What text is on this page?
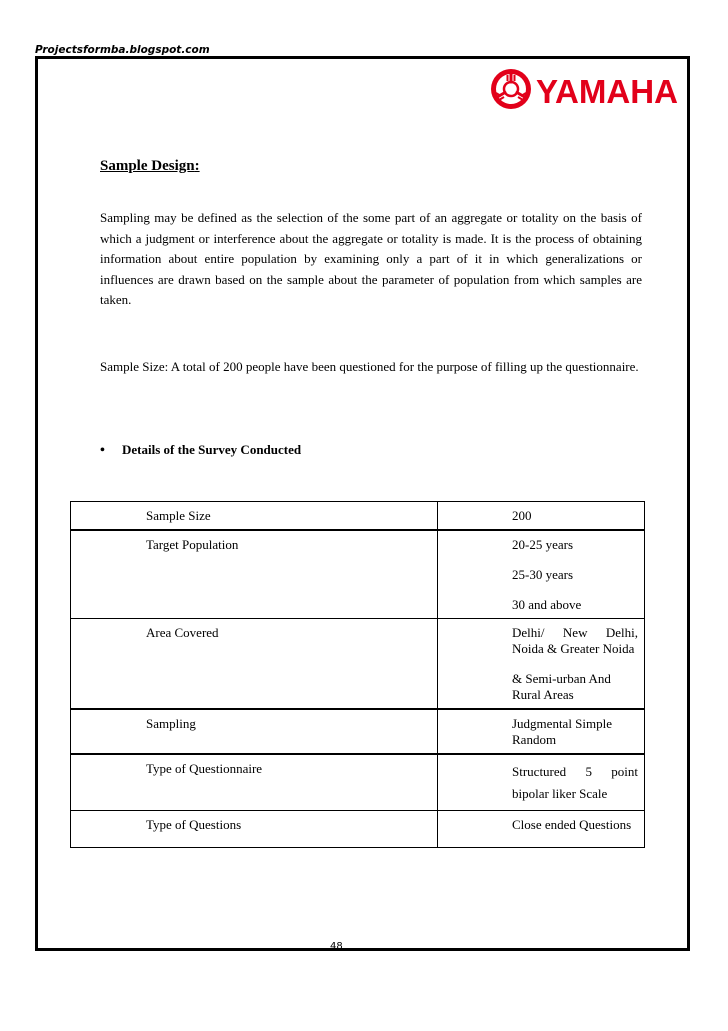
Projectsformba.blogspot.com
YAMAHA
Sample Design:
Sampling may be defined as the selection of the some part of an aggregate or totality on the basis of which a judgment or interference about the aggregate or totality is made. It is the process of obtaining information about entire population by examining only a part of it in which generalizations or influences are drawn based on the sample about the parameter of population from which samples are taken.
Sample Size: A total of 200 people have been questioned for the purpose of filling up the questionnaire.
• Details of the Survey Conducted
Sample Size	200

Target Population	20-25 years
25-30 years
30 and above

Area Covered	Delhi/ New Delhi, Noida & Greater Noida
& Semi-urban And Rural Areas

Sampling	Judgmental Simple Random

Type of Questionnaire	Structured 5 point bipolar liker Scale

Type of Questions	Close ended Questions
48
